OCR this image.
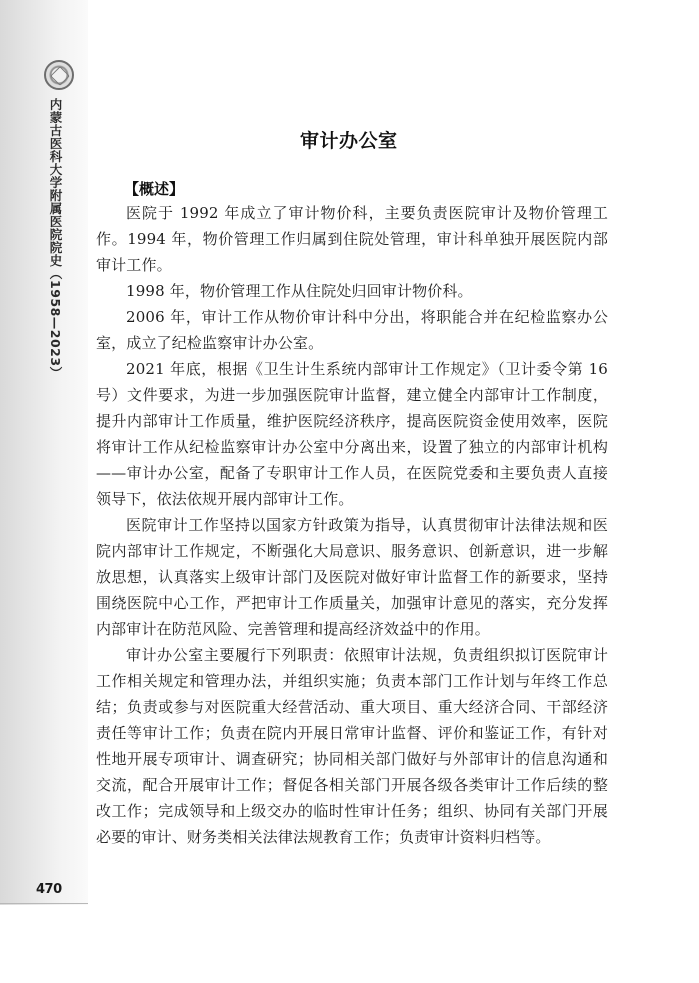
内蒙古医科大学附属医院院史（1958—2023）
470
审计办公室
【概述】

医院于 1992 年成立了审计物价科，主要负责医院审计及物价管理工作。1994 年，物价管理工作归属到住院处管理，审计科单独开展医院内部审计工作。

1998 年，物价管理工作从住院处归回审计物价科。

2006 年，审计工作从物价审计科中分出，将职能合并在纪检监察办公室，成立了纪检监察审计办公室。

2021 年底，根据《卫生计生系统内部审计工作规定》（卫计委令第 16 号）文件要求，为进一步加强医院审计监督，建立健全内部审计工作制度，提升内部审计工作质量，维护医院经济秩序，提高医院资金使用效率，医院将审计工作从纪检监察审计办公室中分离出来，设置了独立的内部审计机构——审计办公室，配备了专职审计工作人员，在医院党委和主要负责人直接领导下，依法依规开展内部审计工作。

医院审计工作坚持以国家方针政策为指导，认真贯彻审计法律法规和医院内部审计工作规定，不断强化大局意识、服务意识、创新意识，进一步解放思想，认真落实上级审计部门及医院对做好审计监督工作的新要求，坚持围绕医院中心工作，严把审计工作质量关，加强审计意见的落实，充分发挥内部审计在防范风险、完善管理和提高经济效益中的作用。

审计办公室主要履行下列职责：依照审计法规，负责组织拟订医院审计工作相关规定和管理办法，并组织实施；负责本部门工作计划与年终工作总结；负责或参与对医院重大经营活动、重大项目、重大经济合同、干部经济责任等审计工作；负责在院内开展日常审计监督、评价和鉴证工作，有针对性地开展专项审计、调查研究；协同相关部门做好与外部审计的信息沟通和交流，配合开展审计工作；督促各相关部门开展各级各类审计工作后续的整改工作；完成领导和上级交办的临时性审计任务；组织、协同有关部门开展必要的审计、财务类相关法律法规教育工作；负责审计资料归档等。
